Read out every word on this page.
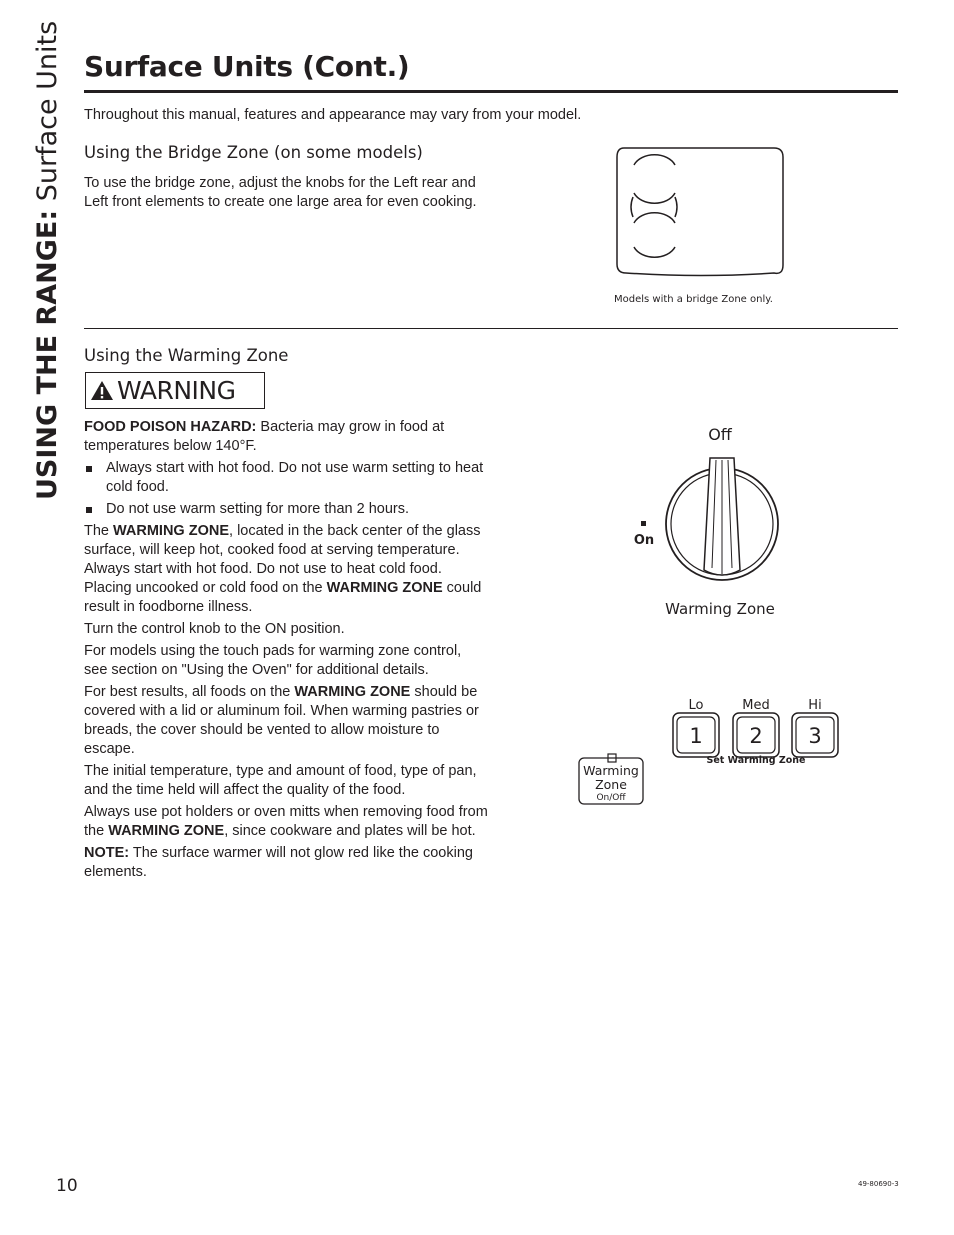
USING THE RANGE: Surface Units Surface Units (Cont.)
Throughout this manual, features and appearance may vary from your model.
Using the Bridge Zone (on some models)

To use the bridge zone, adjust the knobs for the Left rear and Left front elements to create one large area for even cooking.

Models with a bridge Zone only.
Using the Warming Zone
WARNING

FOOD POISON HAZARD: Bacteria may grow in food at temperatures below 140°F.

Always start with hot food. Do not use warm setting to heat cold food.
Do not use warm setting for more than 2 hours.

The WARMING ZONE, located in the back center of the glass surface, will keep hot, cooked food at serving temperature. Always start with hot food. Do not use to heat cold food. Placing uncooked or cold food on the WARMING ZONE could result in foodborne illness.

Turn the control knob to the ON position.

For models using the touch pads for warming zone control, see section on "Using the Oven" for additional details.

For best results, all foods on the WARMING ZONE should be covered with a lid or aluminum foil. When warming pastries or breads, the cover should be vented to allow moisture to escape.

The initial temperature, type and amount of food, type of pan, and the time held will affect the quality of the food.

Always use pot holders or oven mitts when removing food from the WARMING ZONE, since cookware and plates will be hot.

NOTE: The surface warmer will not glow red like the cooking elements.

Off
On
Warming Zone
Lo	Med	Hi
1 2 3
Set Warming Zone
Warming
Zone
On/Off
10	49-80690-3
